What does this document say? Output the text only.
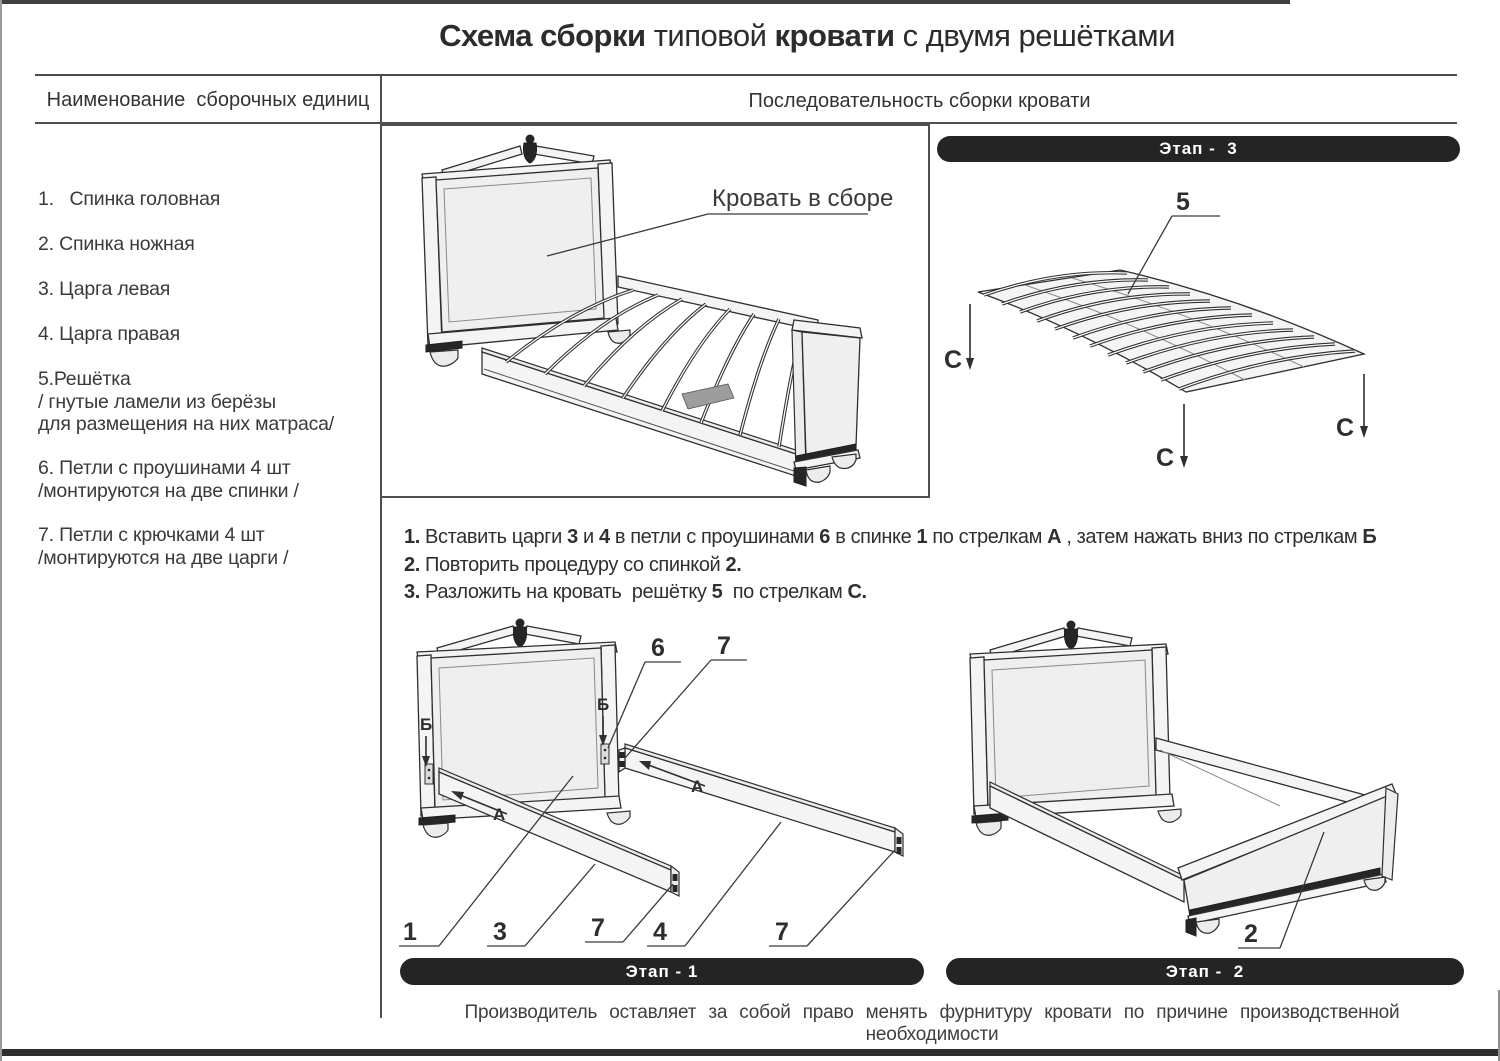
Схема сборки типовой кровати с двумя решётками
Наименование  сборочных единиц	Последовательность сборки кровати
1.   Спинка головная
2. Спинка ножная
3. Царга левая
4. Царга правая
5.Решётка
/ гнутые ламели из берёзы
для размещения на них матраса/
6. Петли с проушинами 4 шт
/монтируются на две спинки /
7. Петли с крючками 4 шт
/монтируются на две царги /
Кровать в сборе
Этап -  3
5
C
C
C

1. Вставить царги 3 и 4 в петли с проушинами 6 в спинке 1 по стрелкам А , затем нажать вниз по стрелкам Б

2. Повторить процедуру со спинкой 2.

3. Разложить на кровать  решётку 5  по стрелкам С.

Б
Б
А
А
6 7
1	3	7 4	7	2
Этап - 1	Этап -  2
Производитель оставляет за собой право менять фурнитуру кровати по причине производственной необходимости
